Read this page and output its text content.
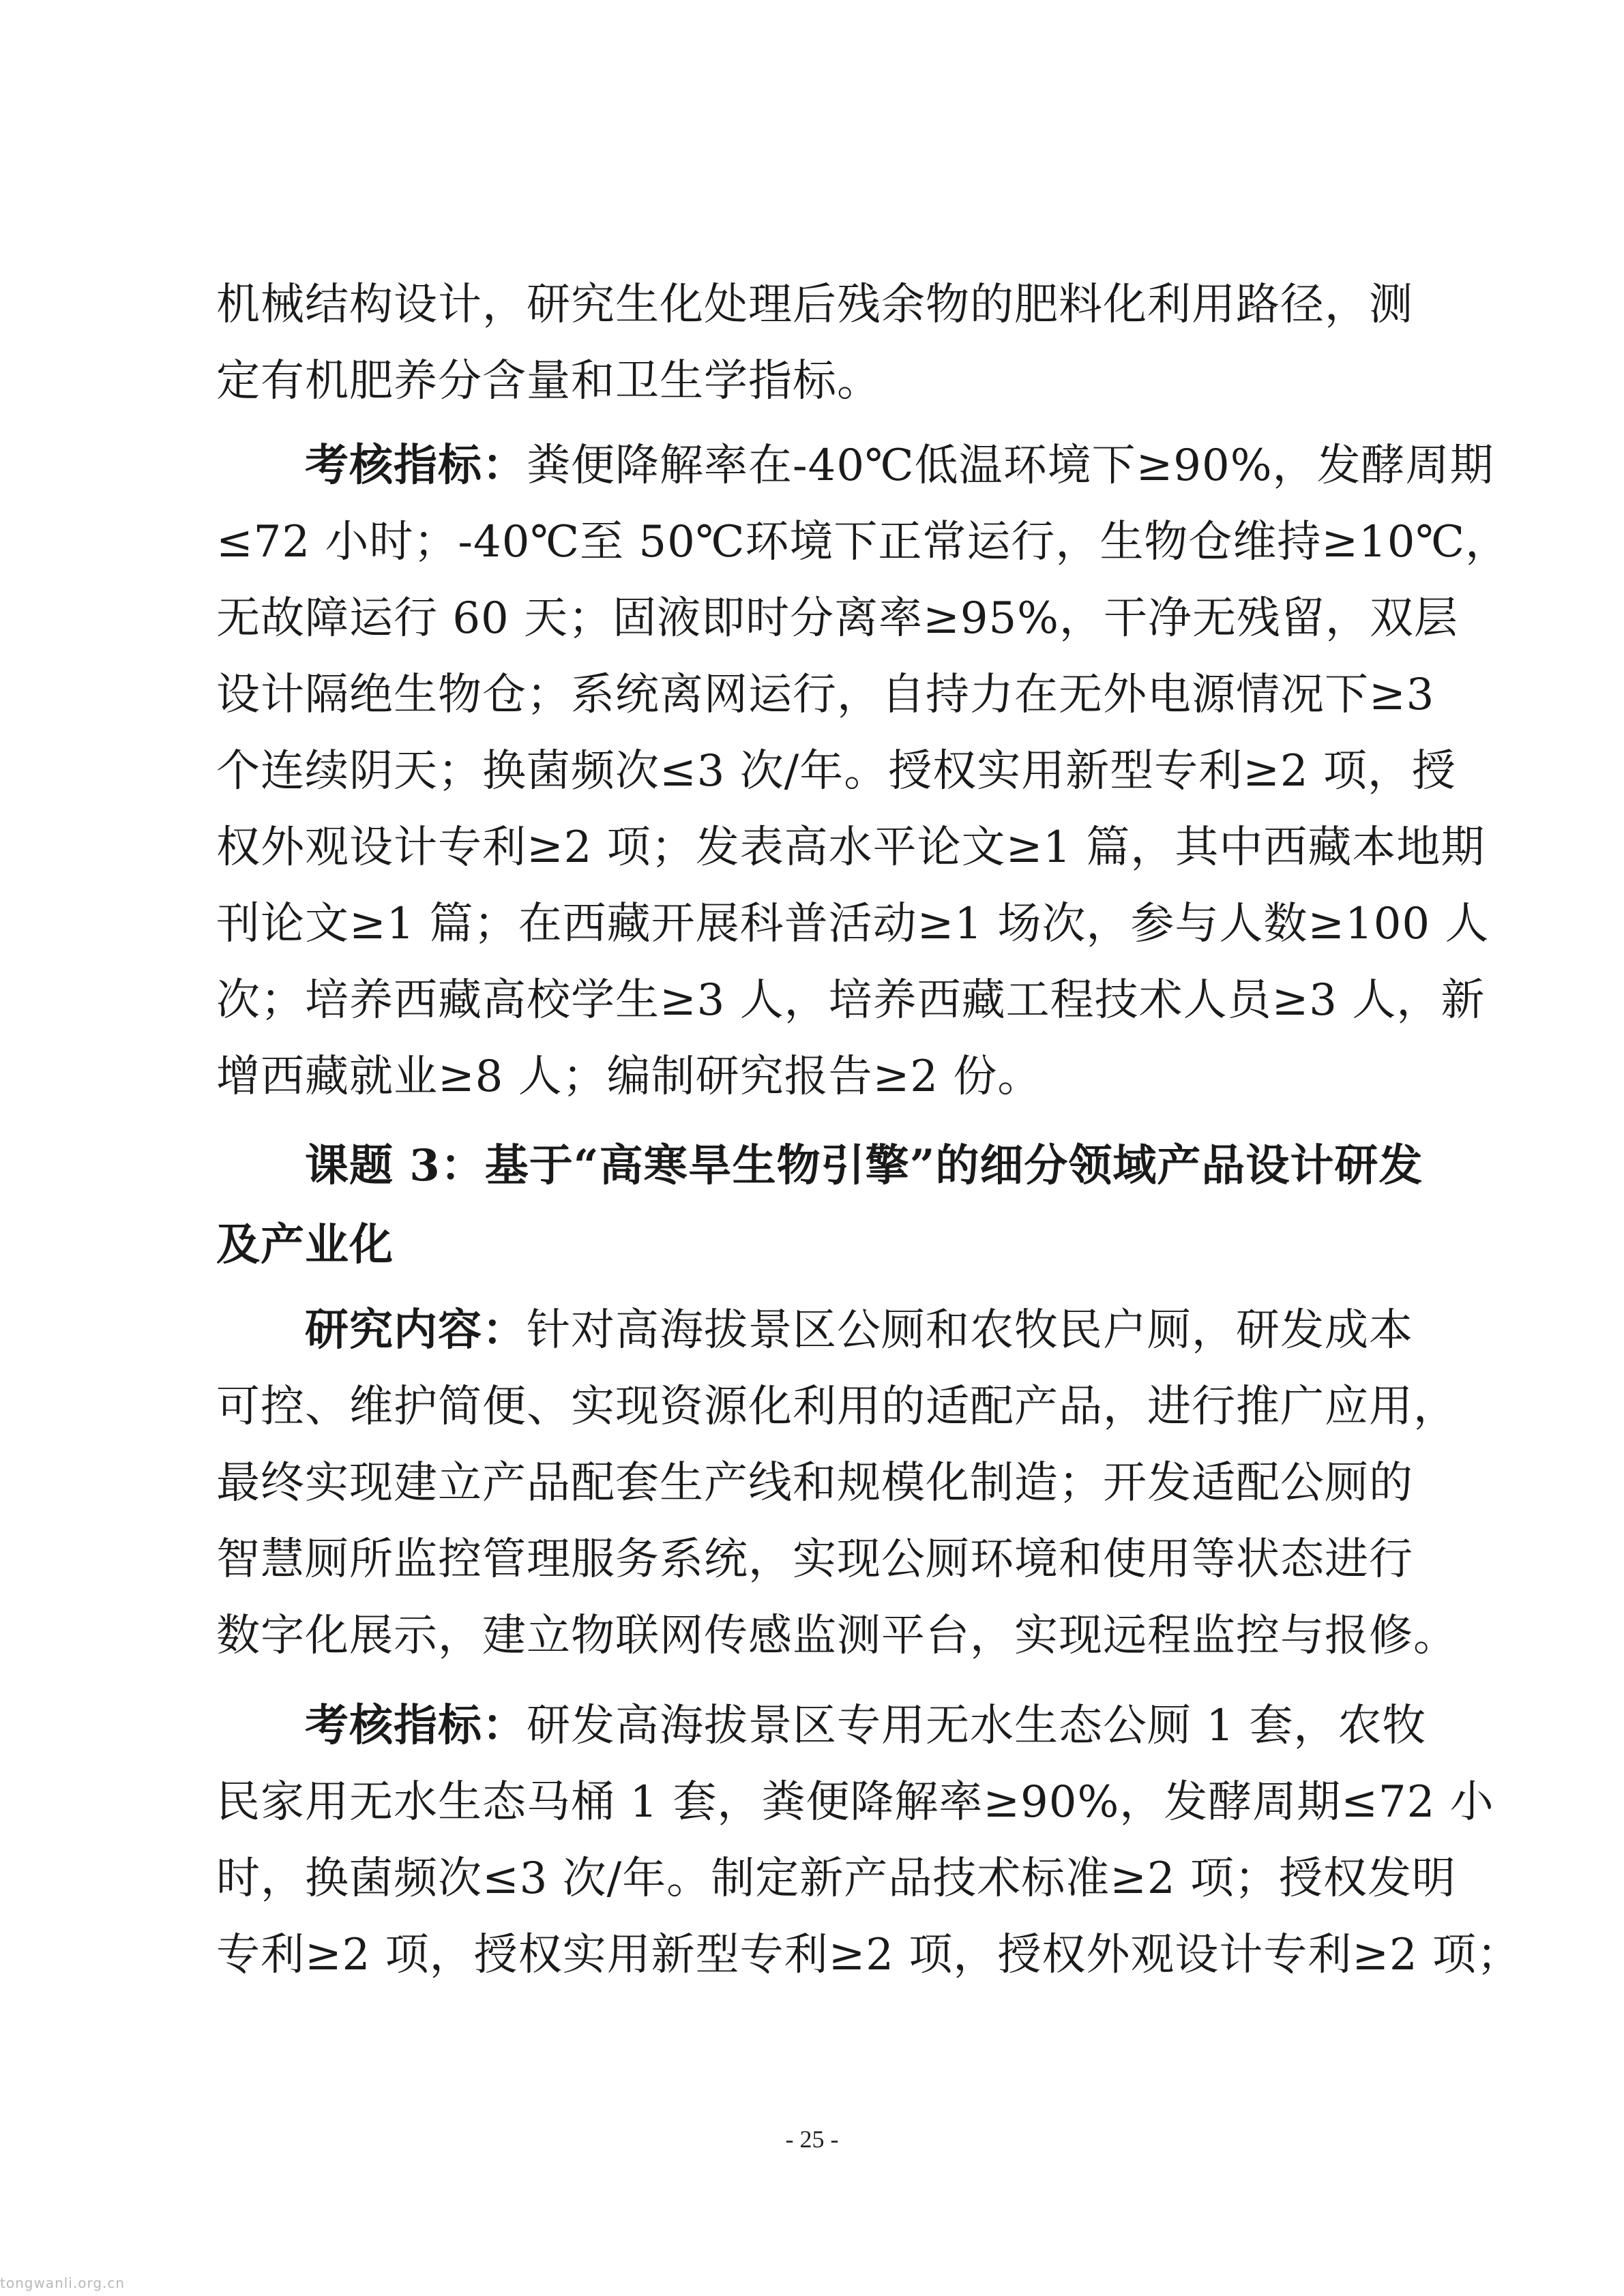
机械结构设计，研究生化处理后残余物的肥料化利用路径，测
定有机肥养分含量和卫生学指标。
考核指标：粪便降解率在-40℃低温环境下≥90%，发酵周期
≤72 小时；-40℃至 50℃环境下正常运行，生物仓维持≥10℃，
无故障运行 60 天；固液即时分离率≥95%，干净无残留，双层
设计隔绝生物仓；系统离网运行，自持力在无外电源情况下≥3
个连续阴天；换菌频次≤3 次/年。授权实用新型专利≥2 项，授
权外观设计专利≥2 项；发表高水平论文≥1 篇，其中西藏本地期
刊论文≥1 篇；在西藏开展科普活动≥1 场次，参与人数≥100 人
次；培养西藏高校学生≥3 人，培养西藏工程技术人员≥3 人，新
增西藏就业≥8 人；编制研究报告≥2 份。
课题 3：基于“高寒旱生物引擎”的细分领域产品设计研发
及产业化
研究内容：针对高海拔景区公厕和农牧民户厕，研发成本
可控、维护简便、实现资源化利用的适配产品，进行推广应用，
最终实现建立产品配套生产线和规模化制造；开发适配公厕的
智慧厕所监控管理服务系统，实现公厕环境和使用等状态进行
数字化展示，建立物联网传感监测平台，实现远程监控与报修。
考核指标：研发高海拔景区专用无水生态公厕 1 套，农牧
民家用无水生态马桶 1 套，粪便降解率≥90%，发酵周期≤72 小
时，换菌频次≤3 次/年。制定新产品技术标准≥2 项；授权发明
专利≥2 项，授权实用新型专利≥2 项，授权外观设计专利≥2 项；
- 25 -
tongwanli.org.cn
